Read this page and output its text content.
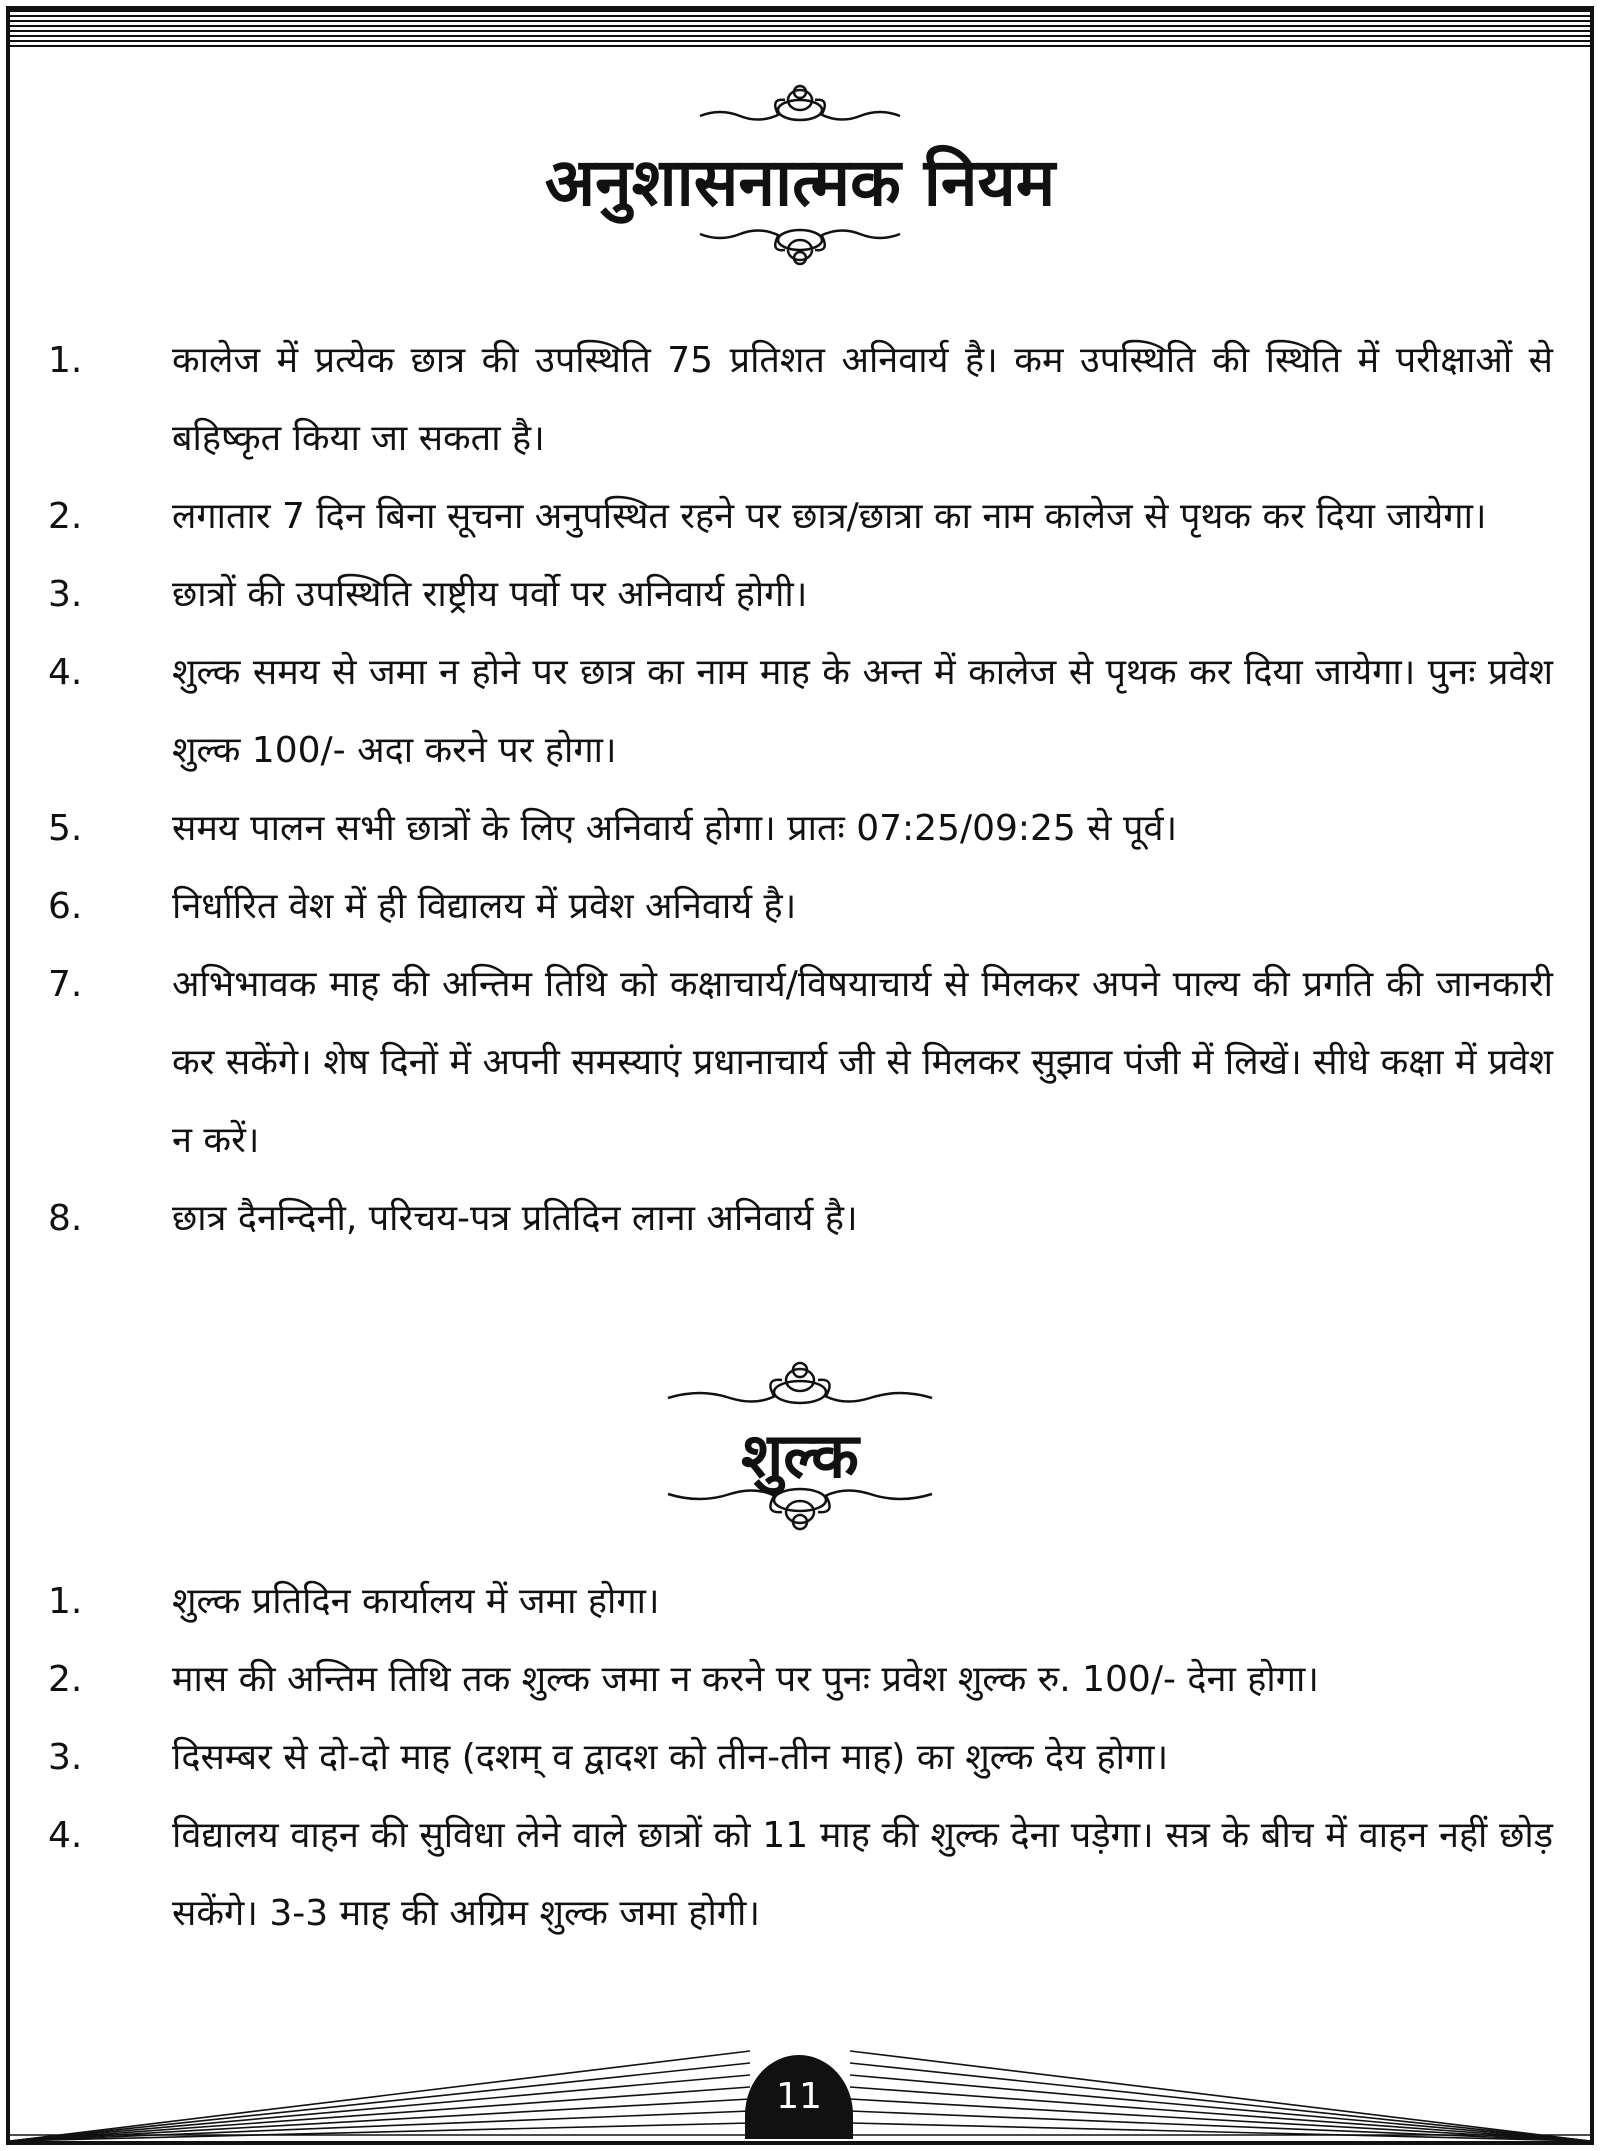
अनुशासनात्मक नियम
1.	कालेज में प्रत्येक छात्र की उपस्थिति 75 प्रतिशत अनिवार्य है। कम उपस्थिति की स्थिति में परीक्षाओं से बहिष्कृत किया जा सकता है।
2.	लगातार 7 दिन बिना सूचना अनुपस्थित रहने पर छात्र/छात्रा का नाम कालेज से पृथक कर दिया जायेगा।
3.	छात्रों की उपस्थिति राष्ट्रीय पर्वो पर अनिवार्य होगी।
4.	शुल्क समय से जमा न होने पर छात्र का नाम माह के अन्त में कालेज से पृथक कर दिया जायेगा। पुनः प्रवेश शुल्क 100/- अदा करने पर होगा।
5.	समय पालन सभी छात्रों के लिए अनिवार्य होगा। प्रातः 07:25/09:25 से पूर्व।
6.	निर्धारित वेश में ही विद्यालय में प्रवेश अनिवार्य है।
7.	अभिभावक माह की अन्तिम तिथि को कक्षाचार्य/विषयाचार्य से मिलकर अपने पाल्य की प्रगति की जानकारी कर सकेंगे। शेष दिनों में अपनी समस्याएं प्रधानाचार्य जी से मिलकर सुझाव पंजी में लिखें। सीधे कक्षा में प्रवेश न करें।
8.	छात्र दैनन्दिनी, परिचय-पत्र प्रतिदिन लाना अनिवार्य है।
शुल्क
1.	शुल्क प्रतिदिन कार्यालय में जमा होगा।
2.	मास की अन्तिम तिथि तक शुल्क जमा न करने पर पुनः प्रवेश शुल्क रु. 100/- देना होगा।
3.	दिसम्बर से दो-दो माह (दशम् व द्वादश को तीन-तीन माह) का शुल्क देय होगा।
4.	विद्यालय वाहन की सुविधा लेने वाले छात्रों को 11 माह की शुल्क देना पड़ेगा। सत्र के बीच में वाहन नहीं छोड़ सकेंगे। 3-3 माह की अग्रिम शुल्क जमा होगी।
11
